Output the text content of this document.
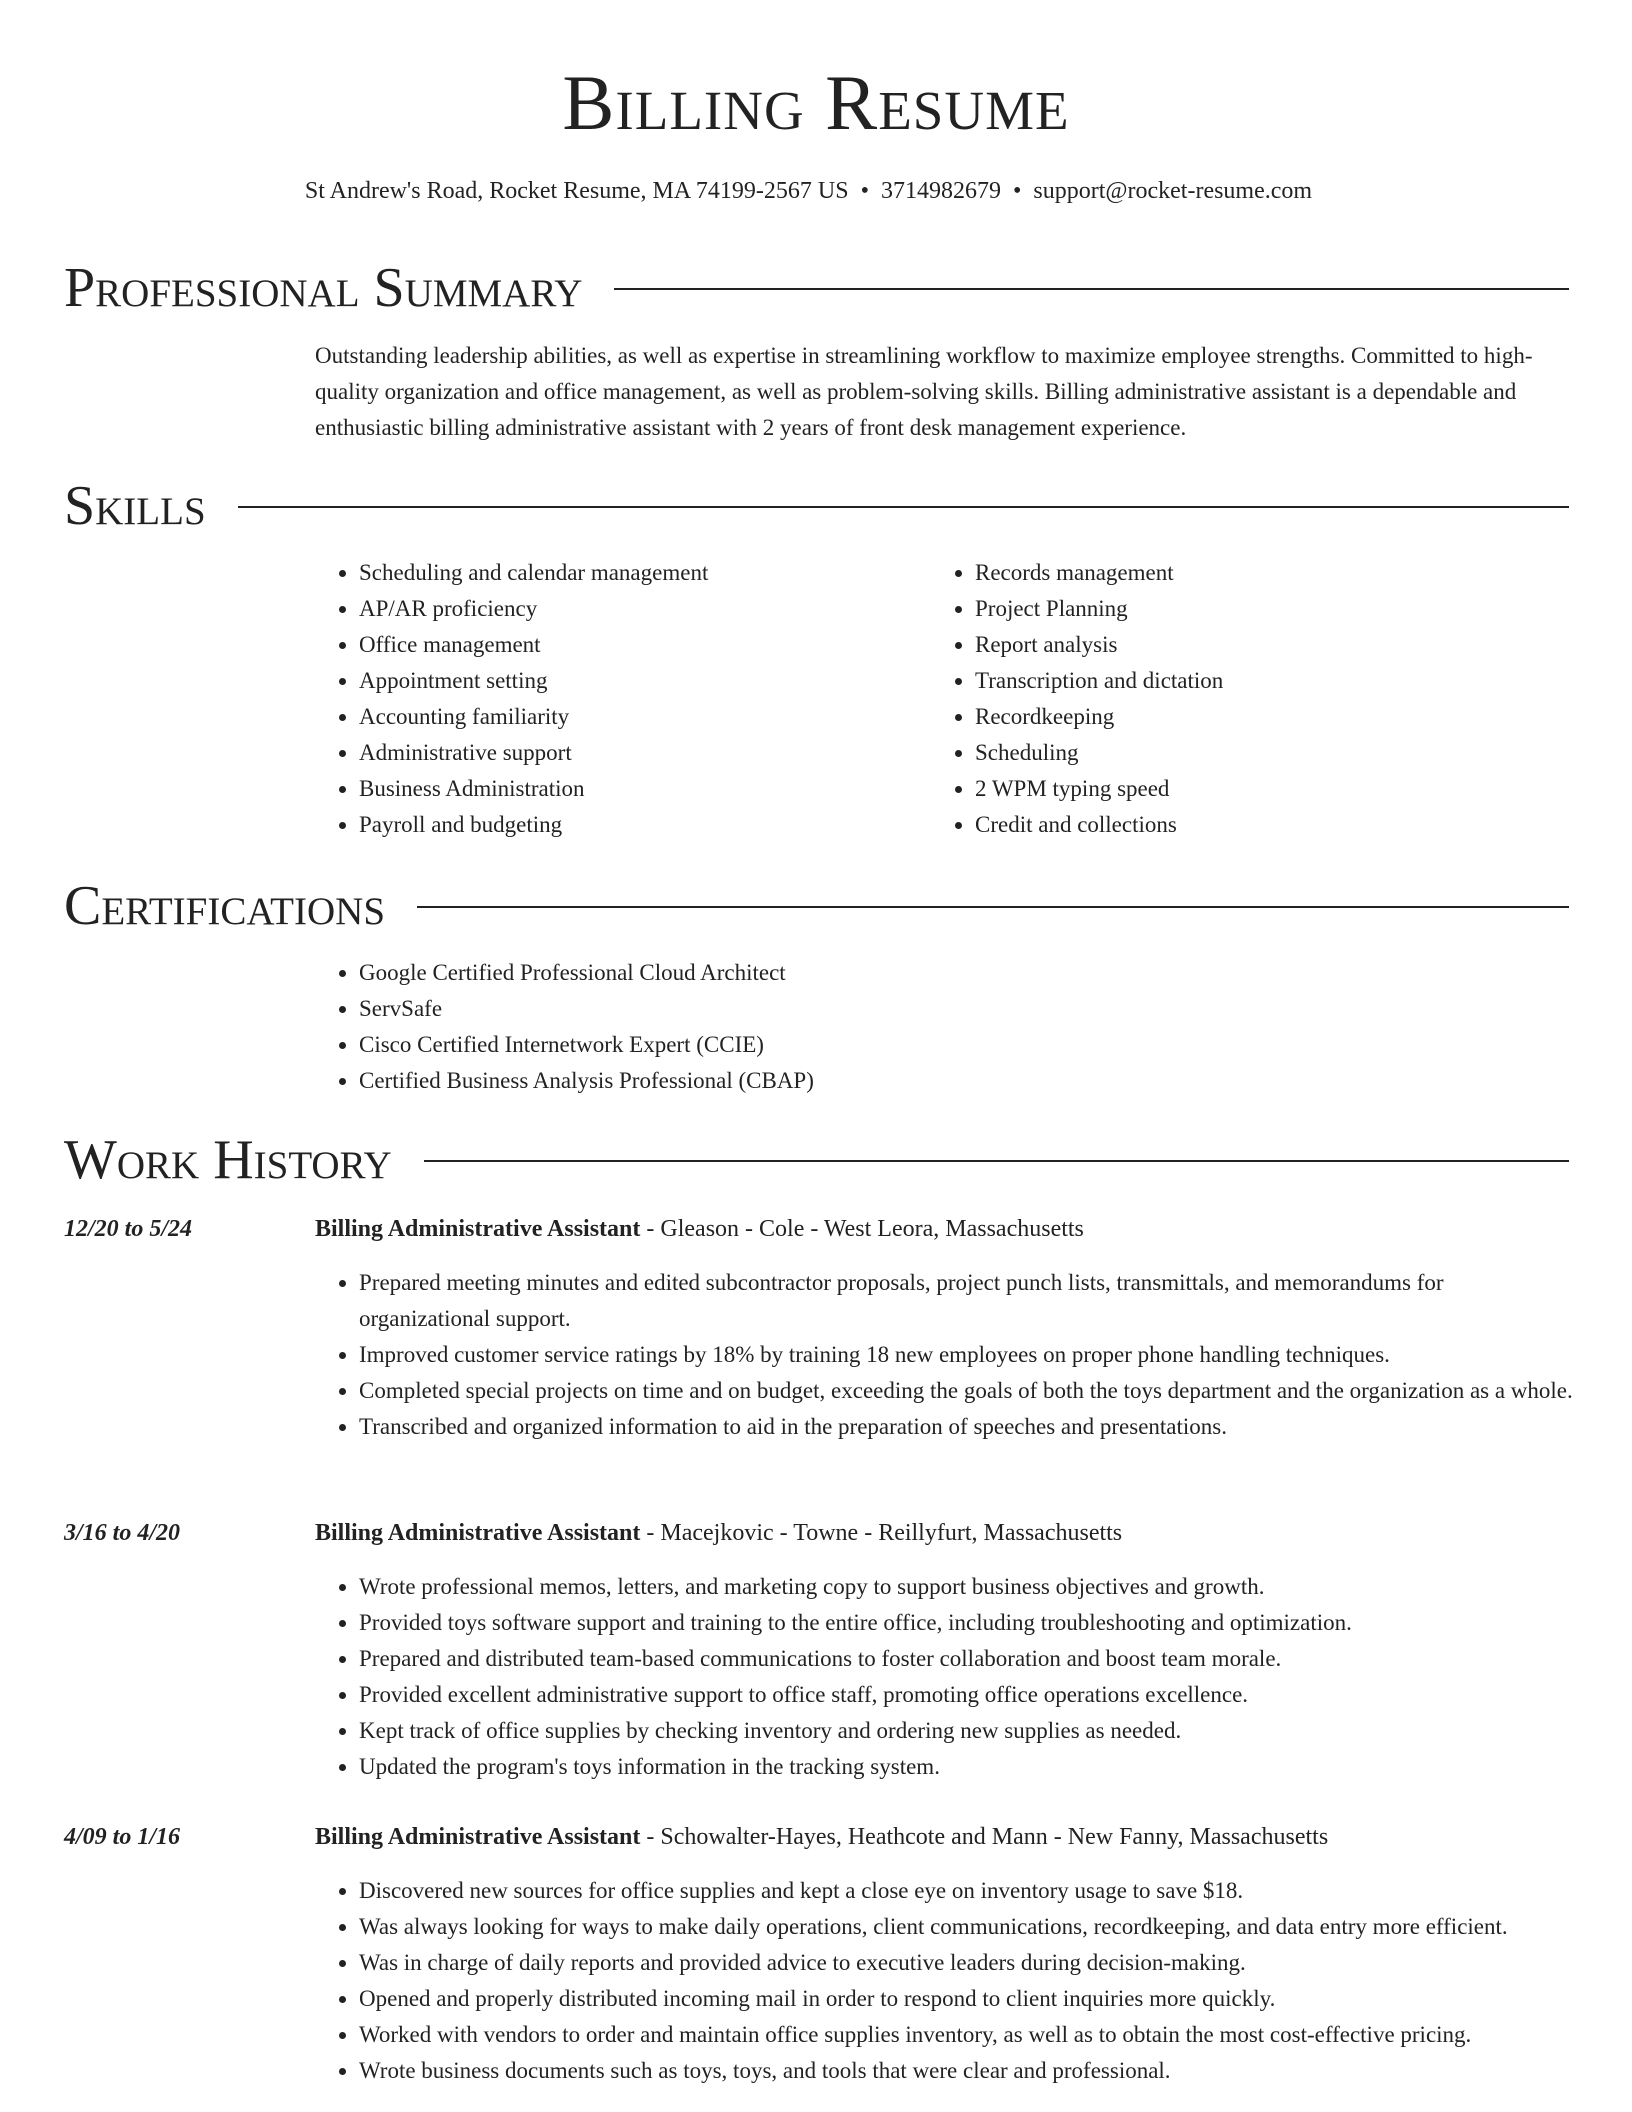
Billing Resume
St Andrew's Road, Rocket Resume, MA 74199-2567 US • 3714982679 • support@rocket-resume.com
Professional Summary
Outstanding leadership abilities, as well as expertise in streamlining workflow to maximize employee strengths. Committed to high-quality organization and office management, as well as problem-solving skills. Billing administrative assistant is a dependable and enthusiastic billing administrative assistant with 2 years of front desk management experience.
Skills
• Scheduling and calendar management
• AP/AR proficiency
• Office management
• Appointment setting
• Accounting familiarity
• Administrative support
• Business Administration
• Payroll and budgeting
• Records management
• Project Planning
• Report analysis
• Transcription and dictation
• Recordkeeping
• Scheduling
• 2 WPM typing speed
• Credit and collections
Certifications
• Google Certified Professional Cloud Architect
• ServSafe
• Cisco Certified Internetwork Expert (CCIE)
• Certified Business Analysis Professional (CBAP)
Work History
12/20 to 5/24	Billing Administrative Assistant - Gleason - Cole - West Leora, Massachusetts
• Prepared meeting minutes and edited subcontractor proposals, project punch lists, transmittals, and memorandums for organizational support.
• Improved customer service ratings by 18% by training 18 new employees on proper phone handling techniques.
• Completed special projects on time and on budget, exceeding the goals of both the toys department and the organization as a whole.
• Transcribed and organized information to aid in the preparation of speeches and presentations.
3/16 to 4/20	Billing Administrative Assistant - Macejkovic - Towne - Reillyfurt, Massachusetts
• Wrote professional memos, letters, and marketing copy to support business objectives and growth.
• Provided toys software support and training to the entire office, including troubleshooting and optimization.
• Prepared and distributed team-based communications to foster collaboration and boost team morale.
• Provided excellent administrative support to office staff, promoting office operations excellence.
• Kept track of office supplies by checking inventory and ordering new supplies as needed.
• Updated the program's toys information in the tracking system.
4/09 to 1/16	Billing Administrative Assistant - Schowalter-Hayes, Heathcote and Mann - New Fanny, Massachusetts
• Discovered new sources for office supplies and kept a close eye on inventory usage to save $18.
• Was always looking for ways to make daily operations, client communications, recordkeeping, and data entry more efficient.
• Was in charge of daily reports and provided advice to executive leaders during decision-making.
• Opened and properly distributed incoming mail in order to respond to client inquiries more quickly.
• Worked with vendors to order and maintain office supplies inventory, as well as to obtain the most cost-effective pricing.
• Wrote business documents such as toys, toys, and tools that were clear and professional.
